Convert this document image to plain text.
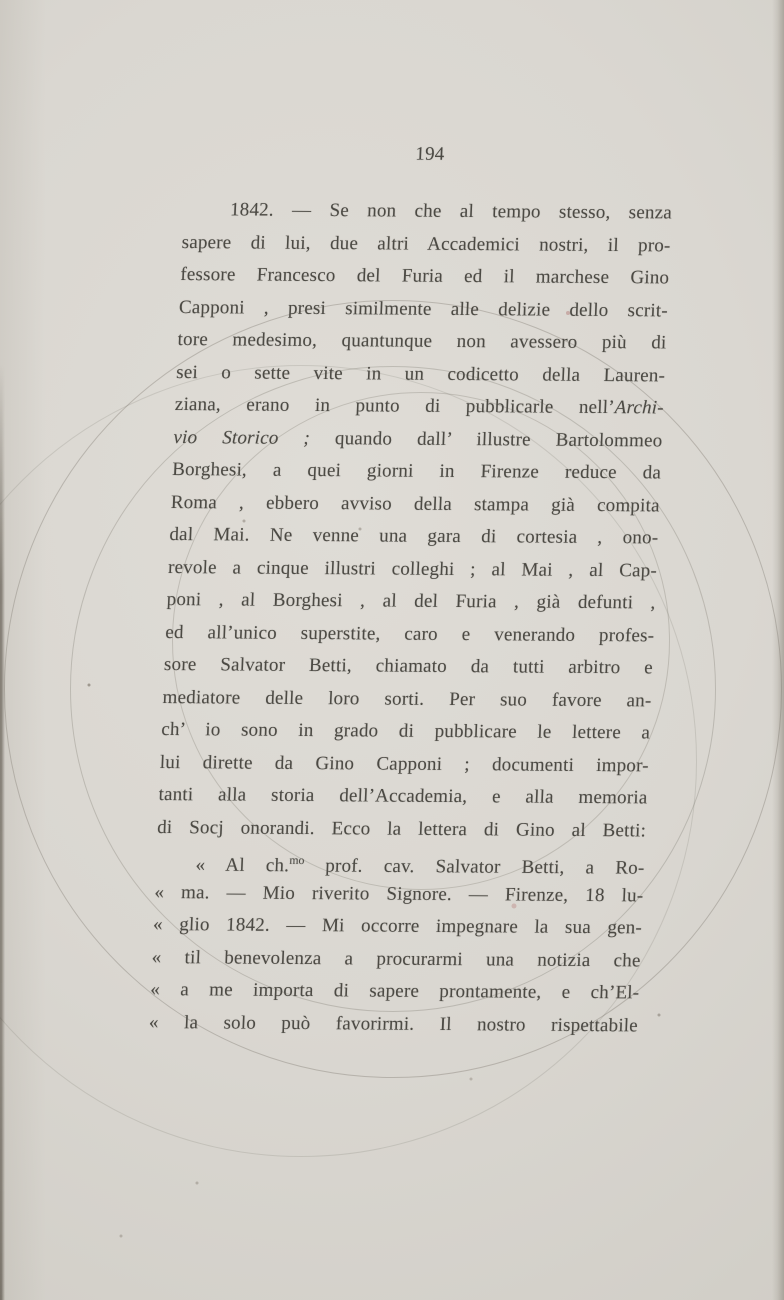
194
1842. — Se non che al tempo stesso, senza
sapere di lui, due altri Accademici nostri, il pro-
fessore Francesco del Furia ed il marchese Gino
Capponi , presi similmente alle delizie dello scrit-
tore medesimo, quantunque non avessero più di
sei o sette vite in un codicetto della Lauren-
ziana, erano in punto di pubblicarle nell’Archi-
vio Storico ; quando dall’ illustre Bartolommeo
Borghesi, a quei giorni in Firenze reduce da
Roma , ebbero avviso della stampa già compita
dal Mai. Ne venne una gara di cortesia , ono-
revole a cinque illustri colleghi ; al Mai , al Cap-
poni , al Borghesi , al del Furia , già defunti ,
ed all’unico superstite, caro e venerando profes-
sore Salvator Betti, chiamato da tutti arbitro e
mediatore delle loro sorti. Per suo favore an-
ch’ io sono in grado di pubblicare le lettere a
lui dirette da Gino Capponi ; documenti impor-
tanti alla storia dell’Accademia, e alla memoria
di Socj onorandi. Ecco la lettera di Gino al Betti:
« Al ch.$^{mo}$ prof. cav. Salvator Betti, a Ro-
« ma. — Mio riverito Signore. — Firenze, 18 lu-
« glio 1842. — Mi occorre impegnare la sua gen-
« til benevolenza a procurarmi una notizia che
« a me importa di sapere prontamente, e ch’El-
« la solo può favorirmi. Il nostro rispettabile
